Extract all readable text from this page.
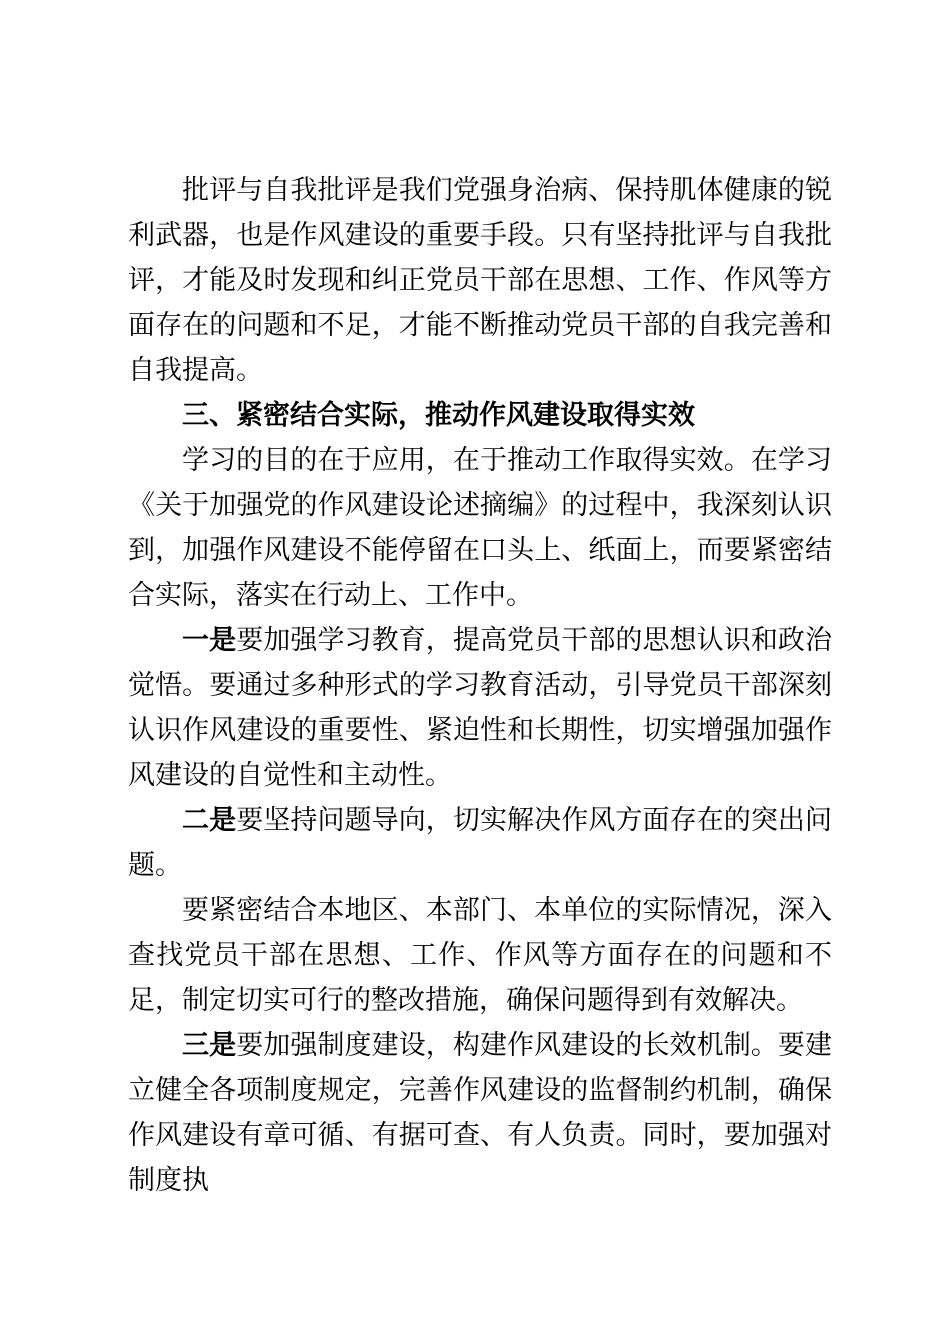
批评与自我批评是我们党强身治病、保持肌体健康的锐利武器，也是作风建设的重要手段。只有坚持批评与自我批评，才能及时发现和纠正党员干部在思想、工作、作风等方面存在的问题和不足，才能不断推动党员干部的自我完善和自我提高。

三、紧密结合实际，推动作风建设取得实效

学习的目的在于应用，在于推动工作取得实效。在学习《关于加强党的作风建设论述摘编》的过程中，我深刻认识到，加强作风建设不能停留在口头上、纸面上，而要紧密结合实际，落实在行动上、工作中。

一是要加强学习教育，提高党员干部的思想认识和政治觉悟。要通过多种形式的学习教育活动，引导党员干部深刻认识作风建设的重要性、紧迫性和长期性，切实增强加强作风建设的自觉性和主动性。

二是要坚持问题导向，切实解决作风方面存在的突出问题。

要紧密结合本地区、本部门、本单位的实际情况，深入查找党员干部在思想、工作、作风等方面存在的问题和不足，制定切实可行的整改措施，确保问题得到有效解决。

三是要加强制度建设，构建作风建设的长效机制。要建立健全各项制度规定，完善作风建设的监督制约机制，确保作风建设有章可循、有据可查、有人负责。同时，要加强对制度执
